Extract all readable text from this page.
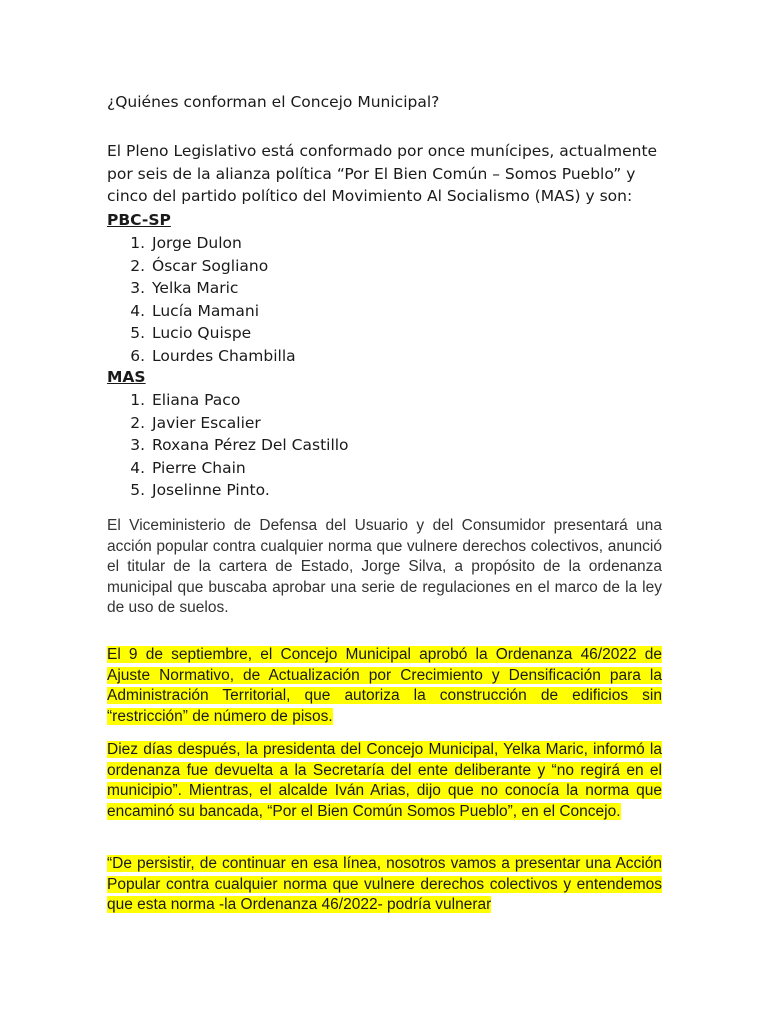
¿Quiénes conforman el Concejo Municipal?
El Pleno Legislativo está conformado por once munícipes, actualmente por seis de la alianza política “Por El Bien Común – Somos Pueblo” y cinco del partido político del Movimiento Al Socialismo (MAS) y son:
PBC-SP
1. Jorge Dulon
2. Óscar Sogliano
3. Yelka Maric
4. Lucía Mamani
5. Lucio Quispe
6. Lourdes Chambilla
MAS
1. Eliana Paco
2. Javier Escalier
3. Roxana Pérez Del Castillo
4. Pierre Chain
5. Joselinne Pinto.

El Viceministerio de Defensa del Usuario y del Consumidor presentará una acción popular contra cualquier norma que vulnere derechos colectivos, anunció el titular de la cartera de Estado, Jorge Silva, a propósito de la ordenanza municipal que buscaba aprobar una serie de regulaciones en el marco de la ley de uso de suelos.

El 9 de septiembre, el Concejo Municipal aprobó la Ordenanza 46/2022 de Ajuste Normativo, de Actualización por Crecimiento y Densificación para la Administración Territorial, que autoriza la construcción de edificios sin “restricción” de número de pisos.

Diez días después, la presidenta del Concejo Municipal, Yelka Maric, informó la ordenanza fue devuelta a la Secretaría del ente deliberante y “no regirá en el municipio”. Mientras, el alcalde Iván Arias, dijo que no conocía la norma que encaminó su bancada, “Por el Bien Común Somos Pueblo”, en el Concejo.

“De persistir, de continuar en esa línea, nosotros vamos a presentar una Acción Popular contra cualquier norma que vulnere derechos colectivos y entendemos que esta norma -la Ordenanza 46/2022- podría vulnerar
